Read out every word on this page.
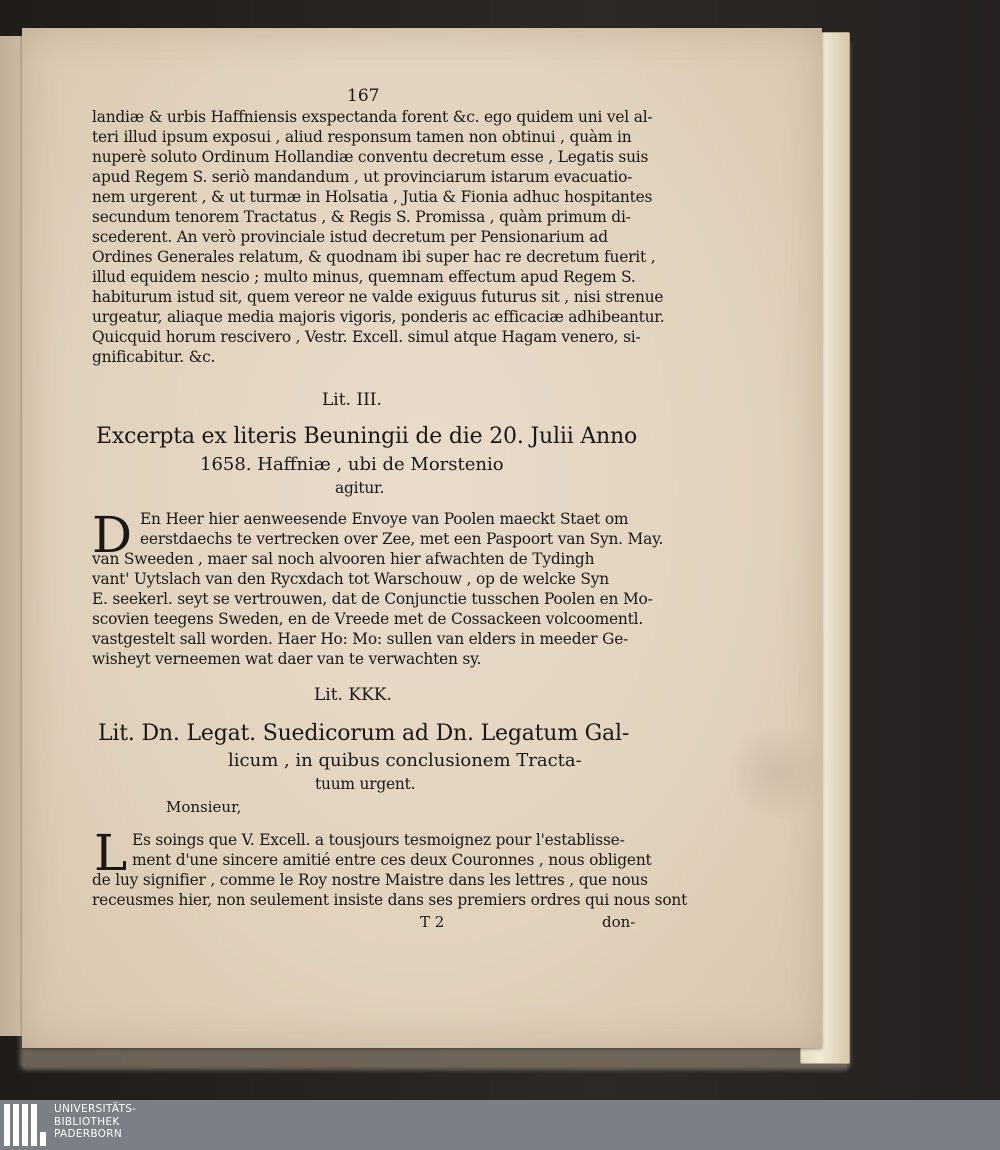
167
landiæ & urbis Haffniensis exspectanda forent &c. ego quidem uni vel al-
teri illud ipsum exposui , aliud responsum tamen non obtinui , quàm in
nuperè soluto Ordinum Hollandiæ conventu decretum esse , Legatis suis
apud Regem S. seriò mandandum , ut provinciarum istarum evacuatio-
nem urgerent , & ut turmæ in Holsatia , Jutia & Fionia adhuc hospitantes
secundum tenorem Tractatus , & Regis S. Promissa , quàm primum di-
scederent. An verò provinciale istud decretum per Pensionarium ad
Ordines Generales relatum, & quodnam ibi super hac re decretum fuerit ,
illud equidem nescio ; multo minus, quemnam effectum apud Regem S.
habiturum istud sit, quem vereor ne valde exiguus futurus sit , nisi strenue
urgeatur, aliaque media majoris vigoris, ponderis ac efficaciæ adhibeantur.
Quicquid horum rescivero , Vestr. Excell. simul atque Hagam venero, si-
gnificabitur. &c.
Lit. III.
Excerpta ex literis Beuningii de die 20. Julii Anno
1658. Haffniæ , ubi de Morstenio
agitur.
D En Heer hier aenweesende Envoye van Poolen maeckt Staet om
eerstdaechs te vertrecken over Zee, met een Paspoort van Syn. May.
van Sweeden , maer sal noch alvooren hier afwachten de Tydingh
vant' Uytslach van den Rycxdach tot Warschouw , op de welcke Syn
E. seekerl. seyt se vertrouwen, dat de Conjunctie tusschen Poolen en Mo-
scovien teegens Sweden, en de Vreede met de Cossackeen volcoomentl.
vastgestelt sall worden. Haer Ho: Mo: sullen van elders in meeder Ge-
wisheyt verneemen wat daer van te verwachten sy.
Lit. KKK.
Lit. Dn. Legat. Suedicorum ad Dn. Legatum Gal-
licum , in quibus conclusionem Tracta-
tuum urgent.
Monsieur,
L Es soings que V. Excell. a tousjours tesmoignez pour l'establisse-
ment d'une sincere amitié entre ces deux Couronnes , nous obligent
de luy signifier , comme le Roy nostre Maistre dans les lettres , que nous
receusmes hier, non seulement insiste dans ses premiers ordres qui nous sont
T 2	don-
UNIVERSITÄTS-
BIBLIOTHEK
PADERBORN
